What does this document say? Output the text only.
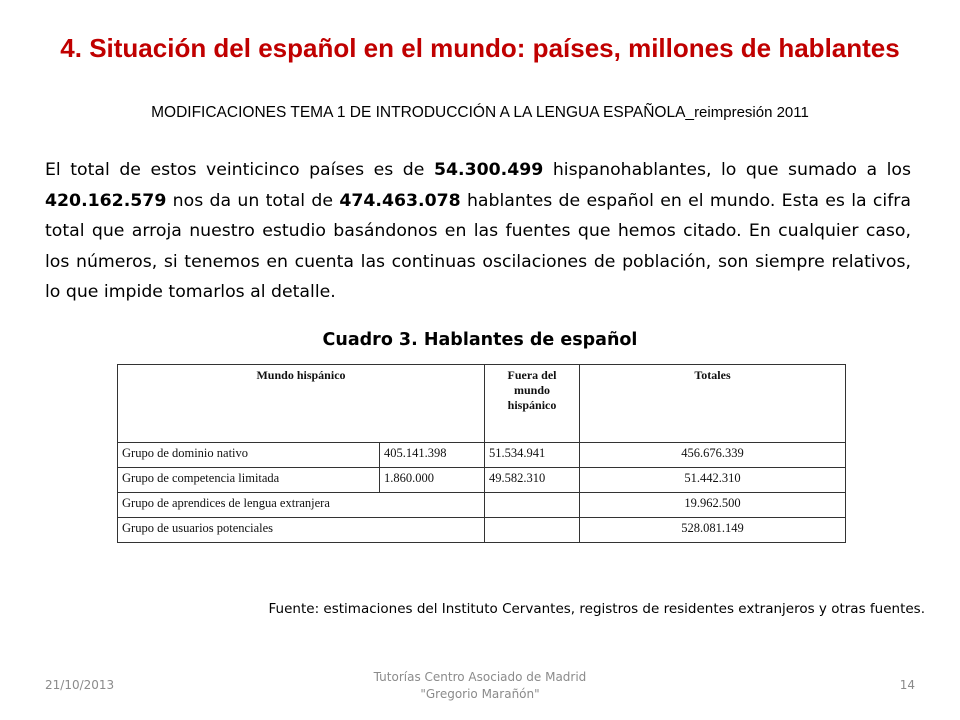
4. Situación del español en el mundo: países, millones de hablantes
MODIFICACIONES TEMA 1 DE INTRODUCCIÓN A LA LENGUA ESPAÑOLA_reimpresión 2011
El total de estos veinticinco países es de 54.300.499 hispanohablantes, lo que sumado a los 420.162.579 nos da un total de 474.463.078 hablantes de español en el mundo. Esta es la cifra total que arroja nuestro estudio basándonos en las fuentes que hemos citado. En cualquier caso, los números, si tenemos en cuenta las continuas oscilaciones de población, son siempre relativos, lo que impide tomarlos al detalle.
Cuadro 3. Hablantes de español
Mundo hispánico		Fuera del mundo hispánico	Totales
Grupo de dominio nativo	405.141.398	51.534.941	456.676.339
Grupo de competencia limitada	1.860.000	49.582.310	51.442.310
Grupo de aprendices de lengua extranjera			19.962.500
Grupo de usuarios potenciales			528.081.149
Fuente: estimaciones del Instituto Cervantes, registros de residentes extranjeros y otras fuentes.
21/10/2013
Tutorías Centro Asociado de Madrid
"Gregorio Marañón"
14
